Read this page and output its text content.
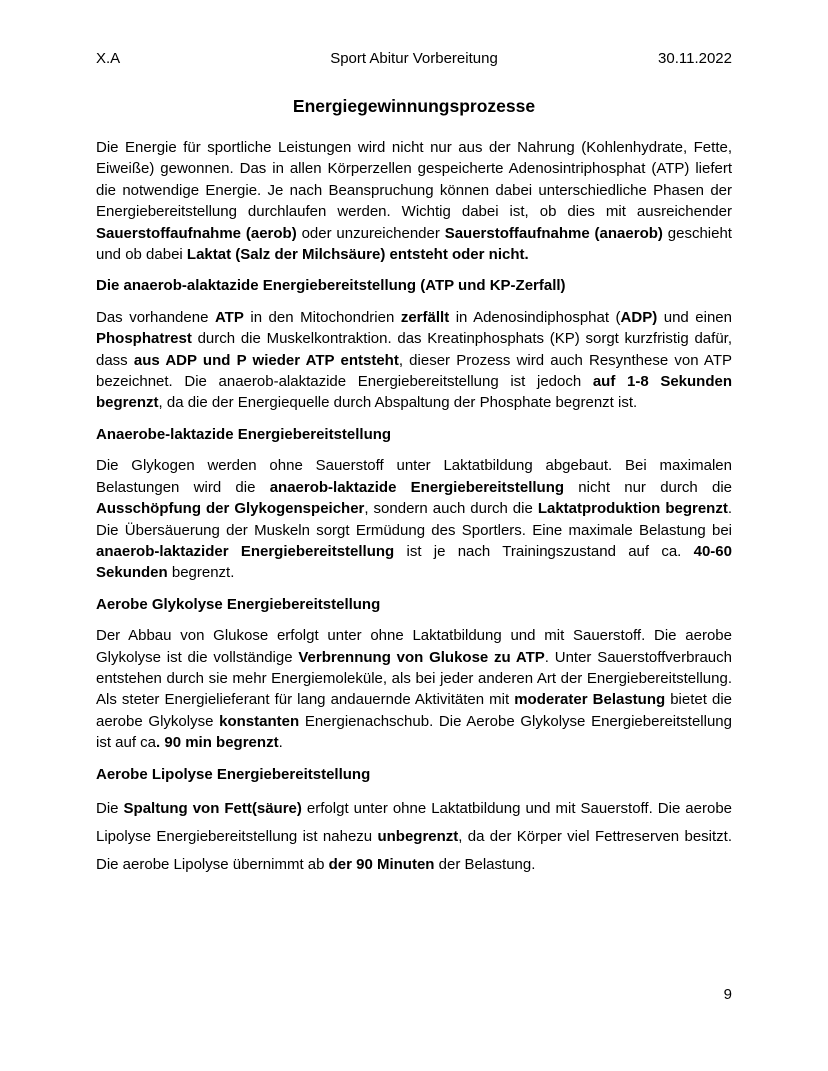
X.A	Sport Abitur Vorbereitung	30.11.2022
Energiegewinnungsprozesse

Die Energie für sportliche Leistungen wird nicht nur aus der Nahrung (Kohlenhydrate, Fette, Eiweiße) gewonnen. Das in allen Körperzellen gespeicherte Adenosintriphosphat (ATP) liefert die notwendige Energie. Je nach Beanspruchung können dabei unterschiedliche Phasen der Energiebereitstellung durchlaufen werden. Wichtig dabei ist, ob dies mit ausreichender Sauerstoffaufnahme (aerob) oder unzureichender Sauerstoffaufnahme (anaerob) geschieht und ob dabei Laktat (Salz der Milchsäure) entsteht oder nicht.

Die anaerob-alaktazide Energiebereitstellung (ATP und KP-Zerfall)

Das vorhandene ATP in den Mitochondrien zerfällt in Adenosindiphosphat (ADP) und einen Phosphatrest durch die Muskelkontraktion. das Kreatinphosphats (KP) sorgt kurzfristig dafür, dass aus ADP und P wieder ATP entsteht, dieser Prozess wird auch Resynthese von ATP bezeichnet. Die anaerob-alaktazide Energiebereitstellung ist jedoch auf 1-8 Sekunden begrenzt, da die der Energiequelle durch Abspaltung der Phosphate begrenzt ist.

Anaerobe-laktazide Energiebereitstellung

Die Glykogen werden ohne Sauerstoff unter Laktatbildung abgebaut. Bei maximalen Belastungen wird die anaerob-laktazide Energiebereitstellung nicht nur durch die Ausschöpfung der Glykogenspeicher, sondern auch durch die Laktatproduktion begrenzt. Die Übersäuerung der Muskeln sorgt Ermüdung des Sportlers. Eine maximale Belastung bei anaerob-laktazider Energiebereitstellung ist je nach Trainingszustand auf ca. 40-60 Sekunden begrenzt.

Aerobe Glykolyse Energiebereitstellung

Der Abbau von Glukose erfolgt unter ohne Laktatbildung und mit Sauerstoff. Die aerobe Glykolyse ist die vollständige Verbrennung von Glukose zu ATP. Unter Sauerstoffverbrauch entstehen durch sie mehr Energiemoleküle, als bei jeder anderen Art der Energiebereitstellung. Als steter Energielieferant für lang andauernde Aktivitäten mit moderater Belastung bietet die aerobe Glykolyse konstanten Energienachschub. Die Aerobe Glykolyse Energiebereitstellung ist auf ca. 90 min begrenzt.

Aerobe Lipolyse Energiebereitstellung

Die Spaltung von Fett(säure) erfolgt unter ohne Laktatbildung und mit Sauerstoff. Die aerobe Lipolyse Energiebereitstellung ist nahezu unbegrenzt, da der Körper viel Fettreserven besitzt. Die aerobe Lipolyse übernimmt ab der 90 Minuten der Belastung.

9
